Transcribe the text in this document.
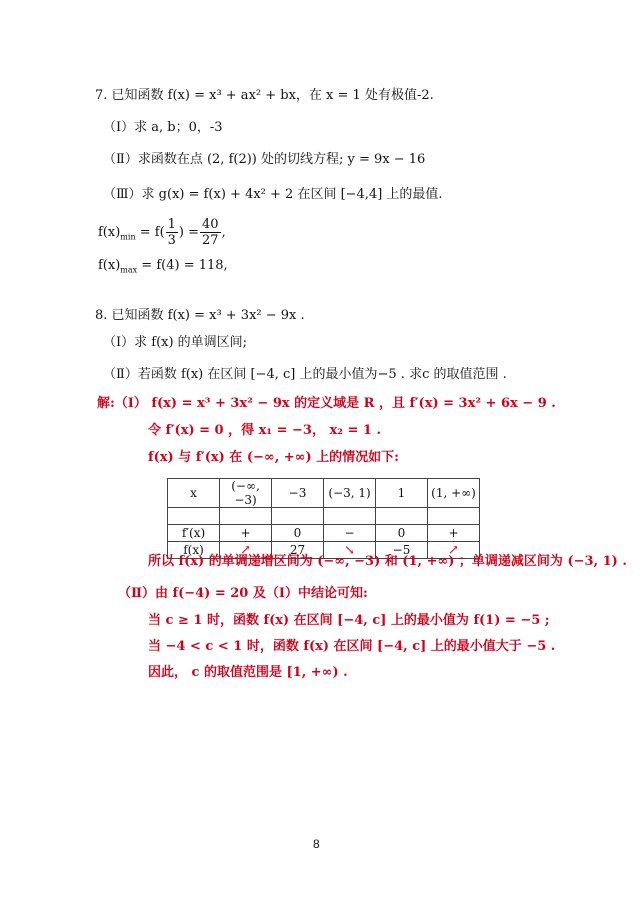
7. 已知函数 f(x) = x³ + ax² + bx，在 x = 1 处有极值-2.
（Ⅰ）求 a, b；0，-3
（Ⅱ）求函数在点 (2, f(2)) 处的切线方程; y = 9x − 16
（Ⅲ）求 g(x) = f(x) + 4x² + 2 在区间 [−4,4] 上的最值.
$f(x)_{min} = f( \frac{1}{3}$ ) = $\frac{40}{27}$ ,
$f(x)_{max} = f(4) = 118$,
8. 已知函数 f(x) = x³ + 3x² − 9x .
（Ⅰ）求 f(x) 的单调区间;
（Ⅱ）若函数 f(x) 在区间 [−4, c] 上的最小值为−5 . 求c 的取值范围 .
解:（Ⅰ） f(x) = x³ + 3x² − 9x 的定义域是 R ，且 f′(x) = 3x² + 6x − 9 .
令 f′(x) = 0 ，得 x₁ = −3， x₂ = 1 .
f(x) 与 f′(x) 在 (−∞, +∞) 上的情况如下:
x	(−∞, −3)	−3	(−3, 1)	1	(1, +∞)

f′(x)	+	0	−	0	+
f(x)	↗	27	↘	−5	↗
所以 f(x) 的单调递增区间为 (−∞, −3) 和 (1, +∞) ；单调递减区间为 (−3, 1) .
（Ⅱ）由 f(−4) = 20 及（Ⅰ）中结论可知:
当 c ≥ 1 时，函数 f(x) 在区间 [−4, c] 上的最小值为 f(1) = −5 ;
当 −4 < c < 1 时，函数 f(x) 在区间 [−4, c] 上的最小值大于 −5 .
因此， c 的取值范围是 [1, +∞) .
8
